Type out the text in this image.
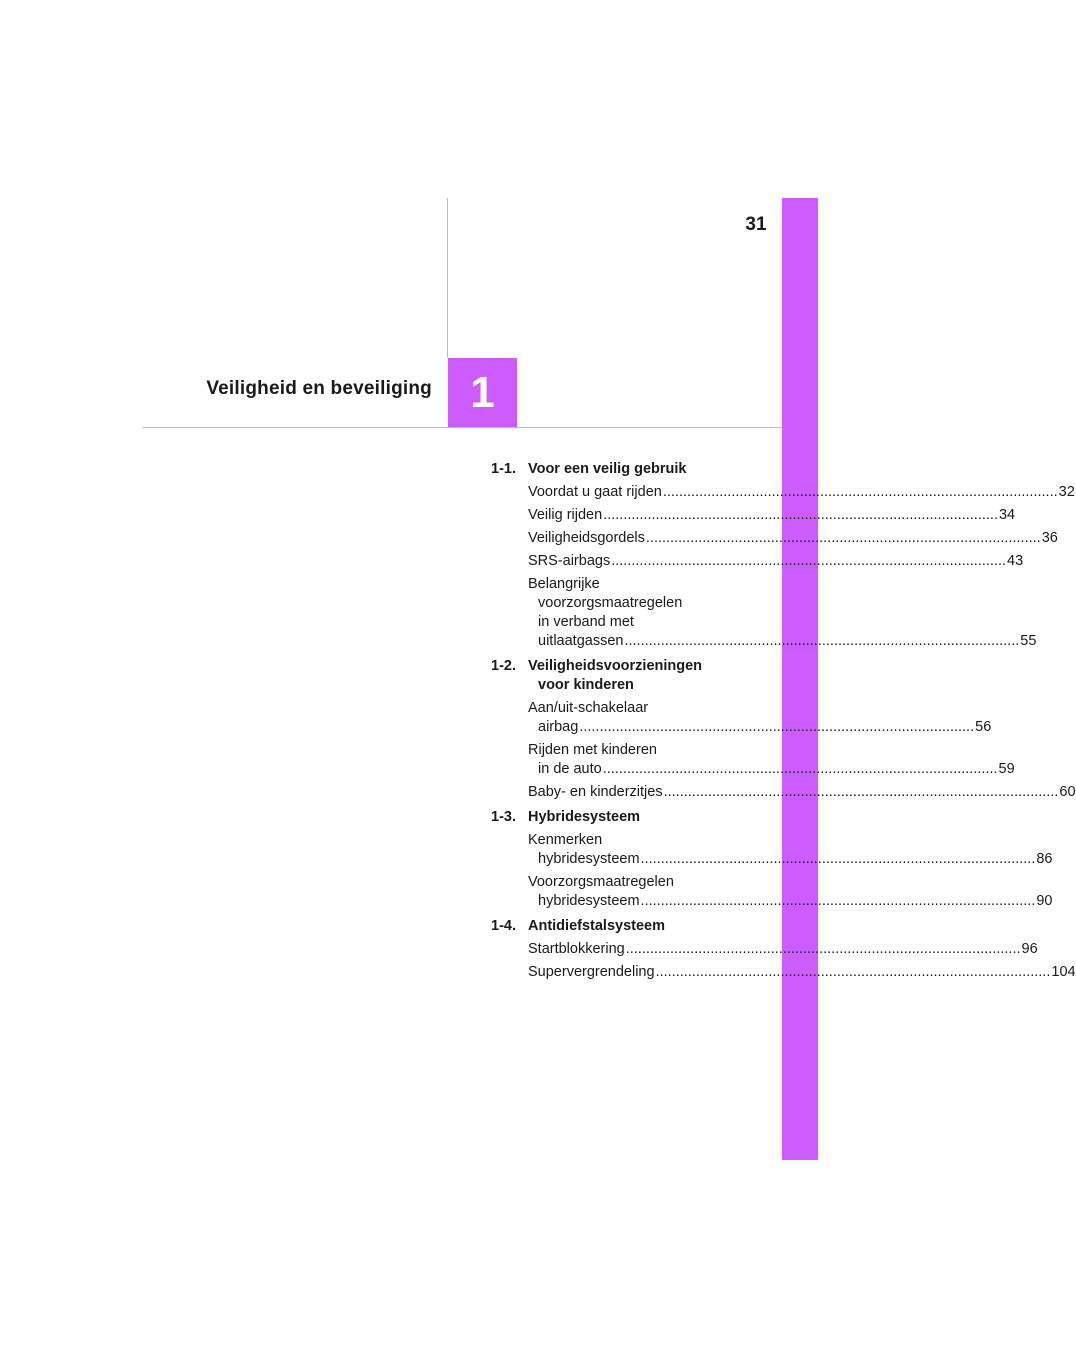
31
Veiligheid en beveiliging 1
1-1. Voor een veilig gebruik
Voordat u gaat rijden .....	32
Veilig rijden .....	34
Veiligheidsgordels .....	36
SRS-airbags .....	43
Belangrijke
voorzorgsmaatregelen
in verband met
uitlaatgassen .....	55
1-2. Veiligheidsvoorzieningen
voor kinderen
Aan/uit-schakelaar
airbag .....	56
Rijden met kinderen
in de auto .....	59
Baby- en kinderzitjes .....	60
1-3. Hybridesysteem
Kenmerken
hybridesysteem .....	86
Voorzorgsmaatregelen
hybridesysteem .....	90
1-4. Antidiefstalsysteem
Startblokkering .....	96
Supervergrendeling .....	104
